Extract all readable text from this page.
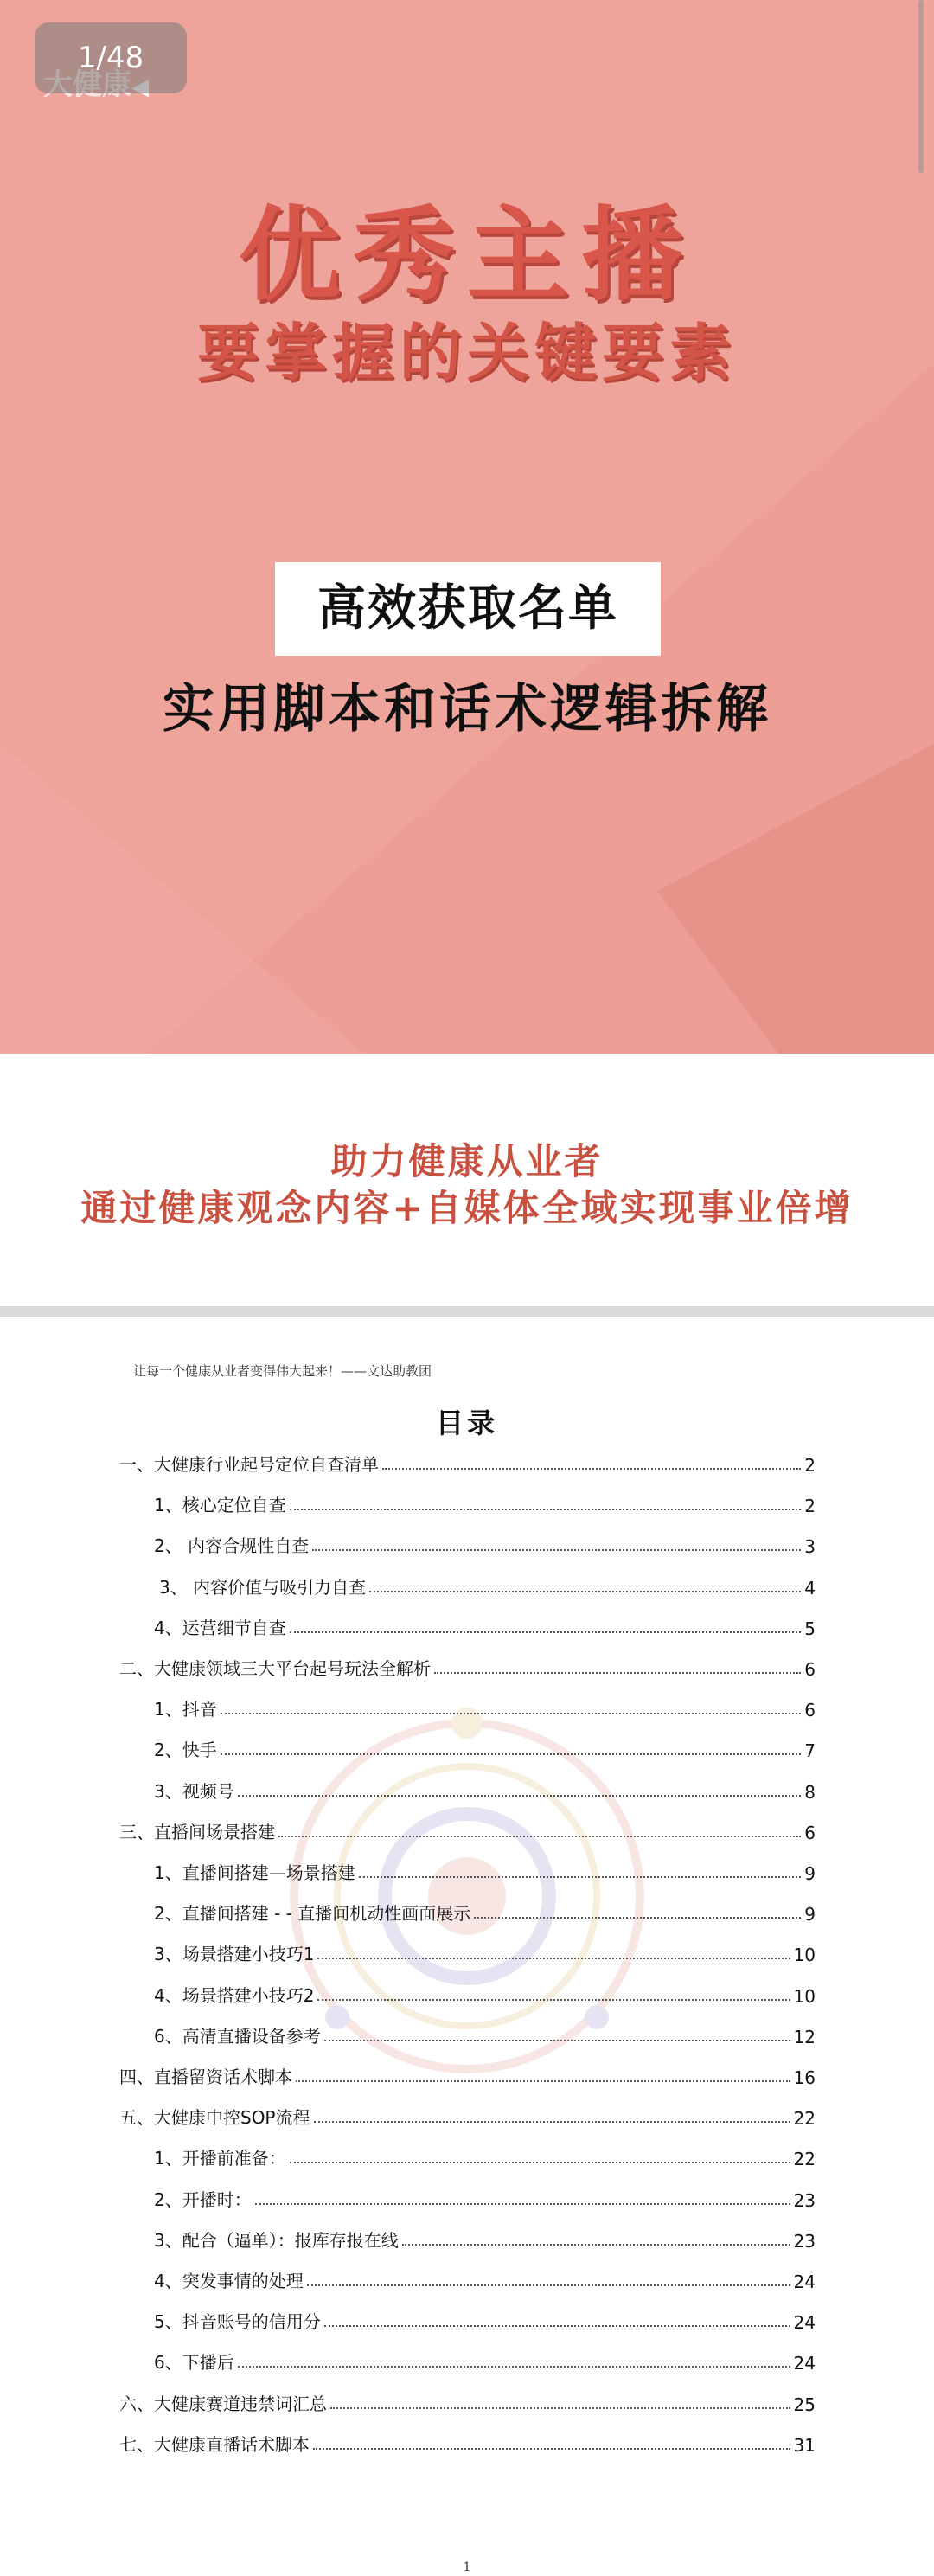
优秀主播
要掌握的关键要素
高效获取名单
实用脚本和话术逻辑拆解
1/48
助力健康从业者
通过健康观念内容+自媒体全域实现事业倍增
让每一个健康从业者变得伟大起来！——文达助教团
目录
一、大健康行业起号定位自查清单	2
1、核心定位自查	2
2、 内容合规性自查	3
3、 内容价值与吸引力自查	4
4、运营细节自查	5
二、大健康领域三大平台起号玩法全解析	6
1、抖音	6
2、快手	7
3、视频号	8
三、直播间场景搭建	6
1、直播间搭建—场景搭建	9
2、直播间搭建 - - 直播间机动性画面展示	9
3、场景搭建小技巧1	10
4、场景搭建小技巧2	10
6、高清直播设备参考	12
四、直播留资话术脚本	16
五、大健康中控SOP流程	22
1、开播前准备：	22
2、开播时：	23
3、配合（逼单）：报库存报在线	23
4、突发事情的处理	24
5、抖音账号的信用分	24
6、下播后	24
六、大健康赛道违禁词汇总	25
七、大健康直播话术脚本	31
1
